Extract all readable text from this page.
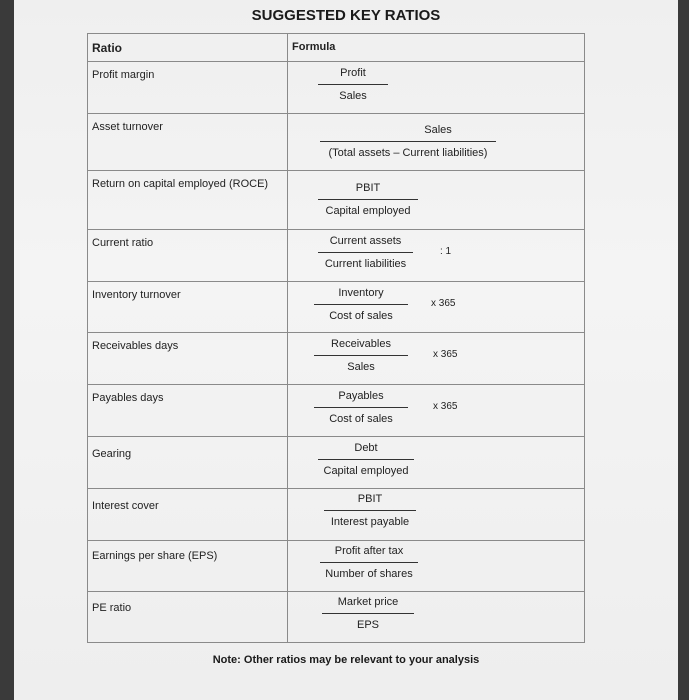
SUGGESTED KEY RATIOS
Ratio	Formula

Profit margin	Profit
Sales

Asset turnover	Sales
(Total assets – Current liabilities)

Return on capital employed (ROCE)	PBIT
Capital employed

Current ratio	Current assets
Current liabilities
: 1

Inventory turnover	Inventory
Cost of sales
x 365

Receivables days	Receivables
Sales
x 365

Payables days	Payables
Cost of sales
x 365

Gearing	Debt
Capital employed

Interest cover	PBIT
Interest payable

Earnings per share (EPS)	Profit after tax
Number of shares

PE ratio	Market price
EPS
Note: Other ratios may be relevant to your analysis
